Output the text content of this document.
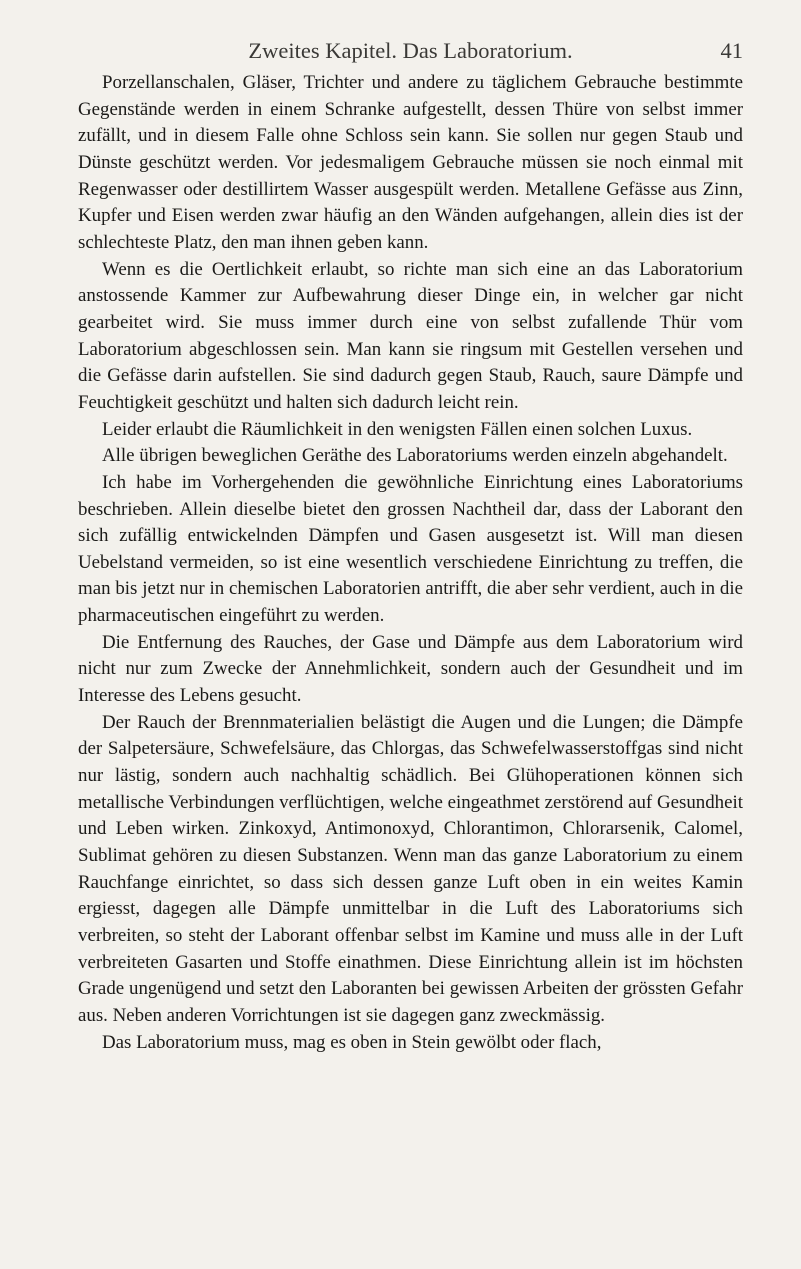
Zweites Kapitel. Das Laboratorium.	41

Porzellanschalen, Gläser, Trichter und andere zu täglichem Gebrauche bestimmte Gegenstände werden in einem Schranke aufgestellt, dessen Thüre von selbst immer zufällt, und in diesem Falle ohne Schloss sein kann. Sie sollen nur gegen Staub und Dünste geschützt werden. Vor jedesmaligem Gebrauche müssen sie noch einmal mit Regenwasser oder destillirtem Wasser ausgespült werden. Metallene Gefässe aus Zinn, Kupfer und Eisen werden zwar häufig an den Wänden aufgehangen, allein dies ist der schlechteste Platz, den man ihnen geben kann.

Wenn es die Oertlichkeit erlaubt, so richte man sich eine an das Laboratorium anstossende Kammer zur Aufbewahrung dieser Dinge ein, in welcher gar nicht gearbeitet wird. Sie muss immer durch eine von selbst zufallende Thür vom Laboratorium abgeschlossen sein. Man kann sie ringsum mit Gestellen versehen und die Gefässe darin aufstellen. Sie sind dadurch gegen Staub, Rauch, saure Dämpfe und Feuchtigkeit geschützt und halten sich dadurch leicht rein.

Leider erlaubt die Räumlichkeit in den wenigsten Fällen einen solchen Luxus.

Alle übrigen beweglichen Geräthe des Laboratoriums werden einzeln abgehandelt.

Ich habe im Vorhergehenden die gewöhnliche Einrichtung eines Laboratoriums beschrieben. Allein dieselbe bietet den grossen Nachtheil dar, dass der Laborant den sich zufällig entwickelnden Dämpfen und Gasen ausgesetzt ist. Will man diesen Uebelstand vermeiden, so ist eine wesentlich verschiedene Einrichtung zu treffen, die man bis jetzt nur in chemischen Laboratorien antrifft, die aber sehr verdient, auch in die pharmaceutischen eingeführt zu werden.

Die Entfernung des Rauches, der Gase und Dämpfe aus dem Laboratorium wird nicht nur zum Zwecke der Annehmlichkeit, sondern auch der Gesundheit und im Interesse des Lebens gesucht.

Der Rauch der Brennmaterialien belästigt die Augen und die Lungen; die Dämpfe der Salpetersäure, Schwefelsäure, das Chlorgas, das Schwefelwasserstoffgas sind nicht nur lästig, sondern auch nachhaltig schädlich. Bei Glühoperationen können sich metallische Verbindungen verflüchtigen, welche eingeathmet zerstörend auf Gesundheit und Leben wirken. Zinkoxyd, Antimonoxyd, Chlorantimon, Chlorarsenik, Calomel, Sublimat gehören zu diesen Substanzen. Wenn man das ganze Laboratorium zu einem Rauchfange einrichtet, so dass sich dessen ganze Luft oben in ein weites Kamin ergiesst, dagegen alle Dämpfe unmittelbar in die Luft des Laboratoriums sich verbreiten, so steht der Laborant offenbar selbst im Kamine und muss alle in der Luft verbreiteten Gasarten und Stoffe einathmen. Diese Einrichtung allein ist im höchsten Grade ungenügend und setzt den Laboranten bei gewissen Arbeiten der grössten Gefahr aus. Neben anderen Vorrichtungen ist sie dagegen ganz zweckmässig.

Das Laboratorium muss, mag es oben in Stein gewölbt oder flach,
